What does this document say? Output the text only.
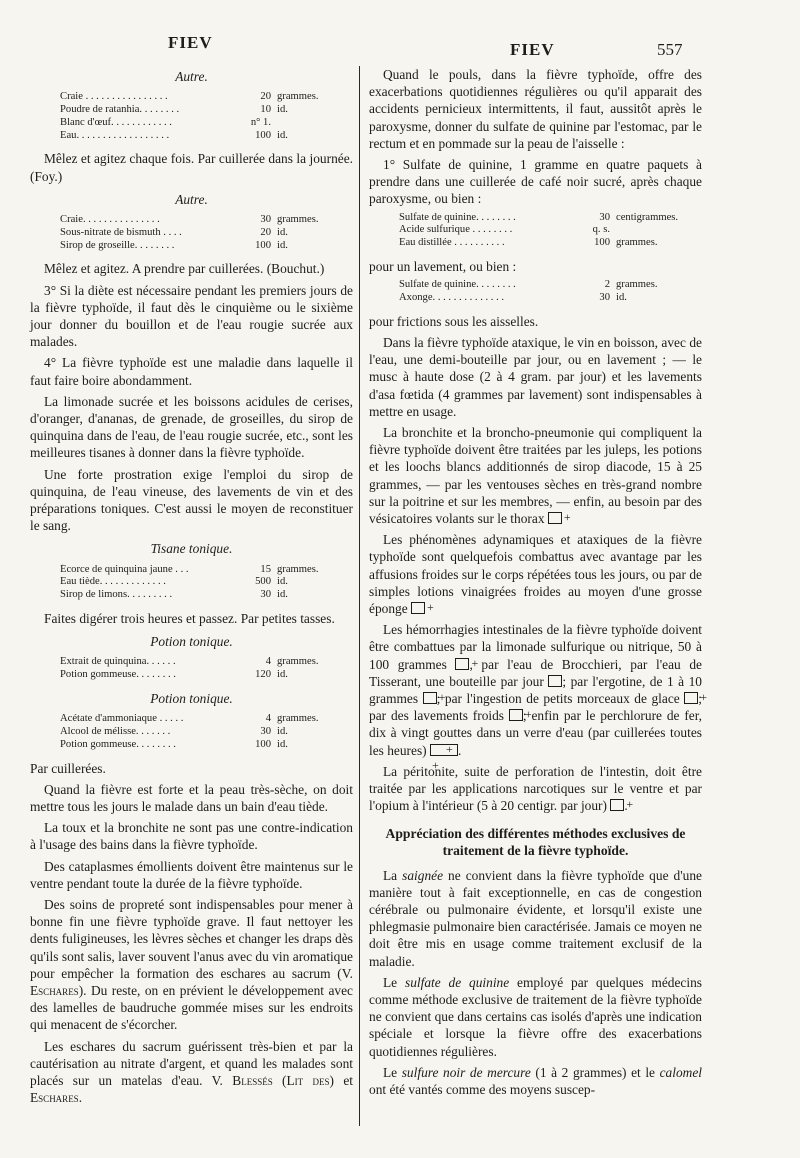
FIEV	FIEV	557
Autre.
Craie . . . . . . . . . . . . . . . .	20 grammes.
Poudre de ratanhia. . . . . . . .	10 id.
Blanc d'œuf. . . . . . . . . . . .	n° 1.
Eau. . . . . . . . . . . . . . . . . .	100 id.

Mêlez et agitez chaque fois. Par cuillerée dans la journée. (Foy.)

Autre.
Craie. . . . . . . . . . . . . . .	30 grammes.
Sous-nitrate de bismuth . . . .	20 id.
Sirop de groseille. . . . . . . .	100 id.

Mêlez et agitez. A prendre par cuillerées. (Bouchut.)

3° Si la diète est nécessaire pendant les premiers jours de la fièvre typhoïde, il faut dès le cinquième ou le sixième jour donner du bouillon et de l'eau rougie sucrée aux malades.

4° La fièvre typhoïde est une maladie dans laquelle il faut faire boire abondamment.

La limonade sucrée et les boissons acidules de cerises, d'oranger, d'ananas, de grenade, de groseilles, du sirop de quinquina dans de l'eau, de l'eau rougie sucrée, etc., sont les meilleures tisanes à donner dans la fièvre typhoïde.

Une forte prostration exige l'emploi du sirop de quinquina, de l'eau vineuse, des lavements de vin et des préparations toniques. C'est aussi le moyen de reconstituer le sang.

Tisane tonique.
Écorce de quinquina jaune . . .	15 grammes.
Eau tiède. . . . . . . . . . . . .	500 id.
Sirop de limons. . . . . . . . .	30 id.

Faites digérer trois heures et passez. Par petites tasses.

Potion tonique.
Extrait de quinquina. . . . . .	4 grammes.
Potion gommeuse. . . . . . . .	120 id.
Potion tonique.
Acétate d'ammoniaque . . . . .	4 grammes.
Alcool de mélisse. . . . . . .	30 id.
Potion gommeuse. . . . . . . .	100 id.

Par cuillerées.

Quand la fièvre est forte et la peau très-sèche, on doit mettre tous les jours le malade dans un bain d'eau tiède.

La toux et la bronchite ne sont pas une contre-indication à l'usage des bains dans la fièvre typhoïde.

Des cataplasmes émollients doivent être maintenus sur le ventre pendant toute la durée de la fièvre typhoïde.

Des soins de propreté sont indispensables pour mener à bonne fin une fièvre typhoïde grave. Il faut nettoyer les dents fuligineuses, les lèvres sèches et changer les draps dès qu'ils sont salis, laver souvent l'anus avec du vin aromatique pour empêcher la formation des eschares au sacrum (V. Eschares). Du reste, on en prévient le développement avec des lamelles de baudruche gommée mises sur les endroits qui menacent de s'écorcher.

Les eschares du sacrum guérissent très-bien et par la cautérisation au nitrate d'argent, et quand les malades sont placés sur un matelas d'eau. V. Blessés (Lit des) et Eschares.

Quand le pouls, dans la fièvre typhoïde, offre des exacerbations quotidiennes régulières ou qu'il apparait des accidents pernicieux intermittents, il faut, aussitôt après le paroxysme, donner du sulfate de quinine par l'estomac, par le rectum et en pommade sur la peau de l'aisselle :

1° Sulfate de quinine, 1 gramme en quatre paquets à prendre dans une cuillerée de café noir sucré, après chaque paroxysme, ou bien :

Sulfate de quinine. . . . . . . .	30 centigrammes.
Acide sulfurique . . . . . . . .	q. s.
Eau distillée . . . . . . . . . .	100 grammes.

pour un lavement, ou bien :

Sulfate de quinine. . . . . . . .	2 grammes.
Axonge. . . . . . . . . . . . . .	30 id.

pour frictions sous les aisselles.

Dans la fièvre typhoïde ataxique, le vin en boisson, avec de l'eau, une demi-bouteille par jour, ou en lavement ; — le musc à haute dose (2 à 4 gram. par jour) et les lavements d'asa fœtida (4 grammes par lavement) sont indispensables à mettre en usage.

La bronchite et la broncho-pneumonie qui compliquent la fièvre typhoïde doivent être traitées par les juleps, les potions et les loochs blancs additionnés de sirop diacode, 15 à 25 grammes, — par les ventouses sèches en très-grand nombre sur la poitrine et sur les membres, — enfin, au besoin par des vésicatoires volants sur le thorax +

Les phénomènes adynamiques et ataxiques de la fièvre typhoïde sont quelquefois combattus avec avantage par les affusions froides sur le corps répétées tous les jours, ou par de simples lotions vinaigrées froides au moyen d'une grosse éponge +

Les hémorrhagies intestinales de la fièvre typhoïde doivent être combattues par la limonade sulfurique ou nitrique, 50 à 100 grammes + , par l'eau de Brocchieri, par l'eau de Tisserant, une bouteille par jour ; par l'ergotine, de 1 à 10 grammes + ; par l'ingestion de petits morceaux de glace + ; par des lavements froids + ; enfin par le perchlorure de fer, dix à vingt gouttes dans un verre d'eau (par cuillerées toutes les heures) + + .

La péritonite, suite de perforation de l'intestin, doit être traitée par les applications narcotiques sur le ventre et par l'opium à l'intérieur (5 à 20 centigr. par jour) + .

Appréciation des différentes méthodes exclusives de traitement de la fièvre typhoïde.

La saignée ne convient dans la fièvre typhoïde que d'une manière tout à fait exceptionnelle, en cas de congestion cérébrale ou pulmonaire évidente, et lorsqu'il existe une phlegmasie pulmonaire bien caractérisée. Jamais ce moyen ne doit être mis en usage comme traitement exclusif de la maladie.

Le sulfate de quinine employé par quelques médecins comme méthode exclusive de traitement de la fièvre typhoïde ne convient que dans certains cas isolés d'après une indication spéciale et lorsque la fièvre offre des exacerbations quotidiennes régulières.

Le sulfure noir de mercure (1 à 2 grammes) et le calomel ont été vantés comme des moyens suscep-
